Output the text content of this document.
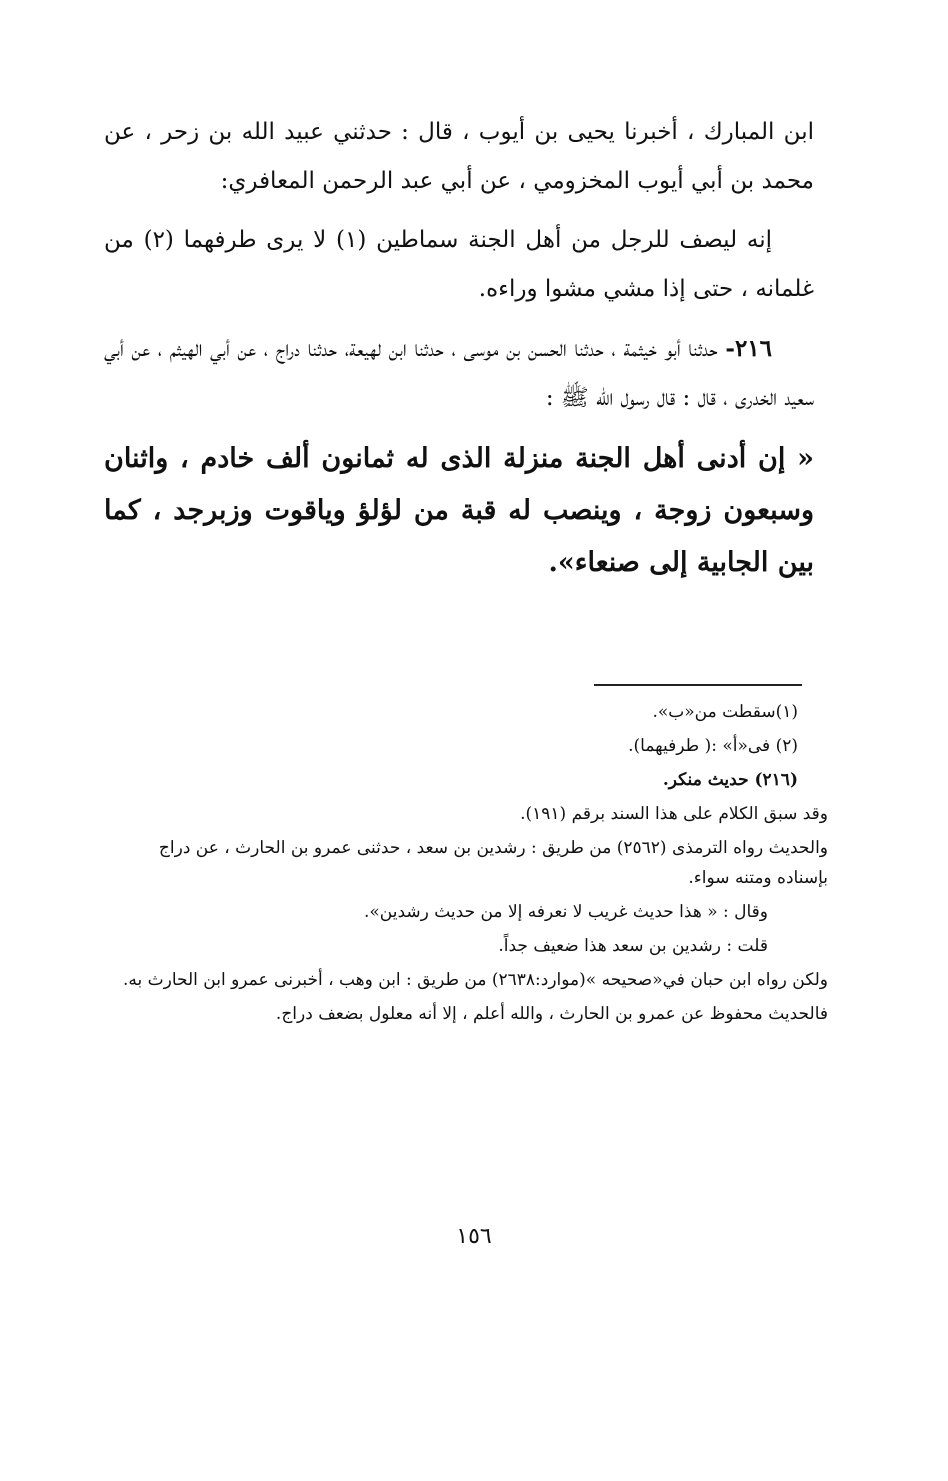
ابن المبارك ، أخبرنا يحيى بن أيوب ، قال : حدثني عبيد الله بن زحر ، عن محمد بن أبي أيوب المخزومي ، عن أبي عبد الرحمن المعافري:

إنه ليصف للرجل من أهل الجنة سماطين (١) لا يرى طرفهما (٢) من غلمانه ، حتى إذا مشي مشوا وراءه.

٢١٦- حدثنا أبو خيثمة ، حدثنا الحسن بن موسى ، حدثنا ابن لهيعة، حدثنا دراج ، عن أبي الهيثم ، عن أبي سعيد الخدرى ، قال : قال رسول الله ﷺ :

« إن أدنى أهل الجنة منزلة الذى له ثمانون ألف خادم ، واثنان وسبعون زوجة ، وينصب له قبة من لؤلؤ وياقوت وزبرجد ، كما بين الجابية إلى صنعاء».

(١)سقطت من«ب».

(٢) فى«أ» :( طرفيهما).

(٢١٦) حديث منكر.

وقد سبق الكلام على هذا السند برقم (١٩١).

والحديث رواه الترمذى (٢٥٦٢) من طريق : رشدين بن سعد ، حدثنى عمرو بن الحارث ، عن دراج بإسناده ومتنه سواء.

وقال : « هذا حديث غريب لا نعرفه إلا من حديث رشدين».

قلت : رشدين بن سعد هذا ضعيف جداً.

ولكن رواه ابن حبان في«صحيحه »(موارد:٢٦٣٨) من طريق : ابن وهب ، أخبرنى عمرو ابن الحارث به.

فالحديث محفوظ عن عمرو بن الحارث ، والله أعلم ، إلا أنه معلول بضعف دراج.

١٥٦
